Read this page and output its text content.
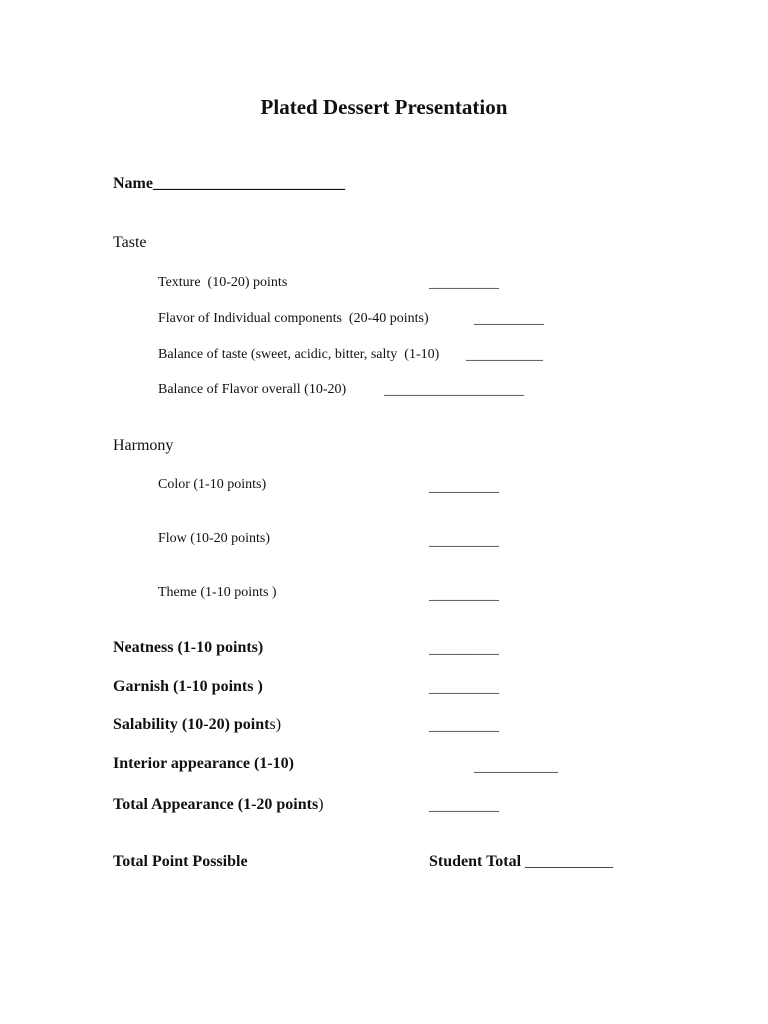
Plated Dessert Presentation
Name________________________
Taste
Texture  (10-20) points	__________
Flavor of Individual components  (20-40 points)	__________
Balance of taste (sweet, acidic, bitter, salty  (1-10) ___________
Balance of Flavor overall (10-20)	____________________
Harmony
Color (1-10 points)	__________
Flow (10-20 points)	__________
Theme (1-10 points )	__________
Neatness (1-10 points)	__________
Garnish (1-10 points )	__________
Salability (10-20) points)	__________
Interior appearance (1-10)	____________
Total Appearance (1-20 points)	__________
Total Point Possible	Student Total ___________
